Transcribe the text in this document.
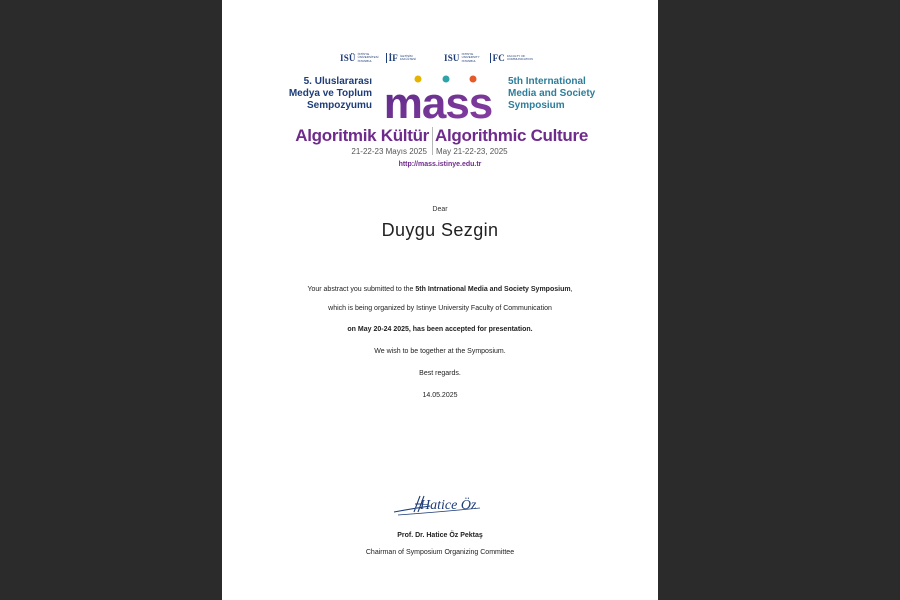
ISÜ İSTİNYE ÜNİVERSİTESİ İSTANBUL	İF İLETİŞİM FAKÜLTESİ	ISU ISTINYE UNIVERSITY ISTANBUL	FC FACULTY OF COMMUNICATION
5. Uluslararası
Medya ve Toplum
Sempozyumu
5th International
Media and Society
Symposium
mass
Algoritmik Kültür Algorithmic Culture
21-22-23 Mayıs 2025 May 21-22-23, 2025
http://mass.istinye.edu.tr
Dear
Duygu Sezgin
Your abstract you submitted to the 5th Intrnational Media and Society Symposium,
which is being organized by Istinye University Faculty of Communication
on May 20-24 2025, has been accepted for presentation.
We wish to be together at the Symposium.
Best regards.
14.05.2025
Hatice Öz
Prof. Dr. Hatice Öz Pektaş
Chairman of Symposium Organizing Committee
